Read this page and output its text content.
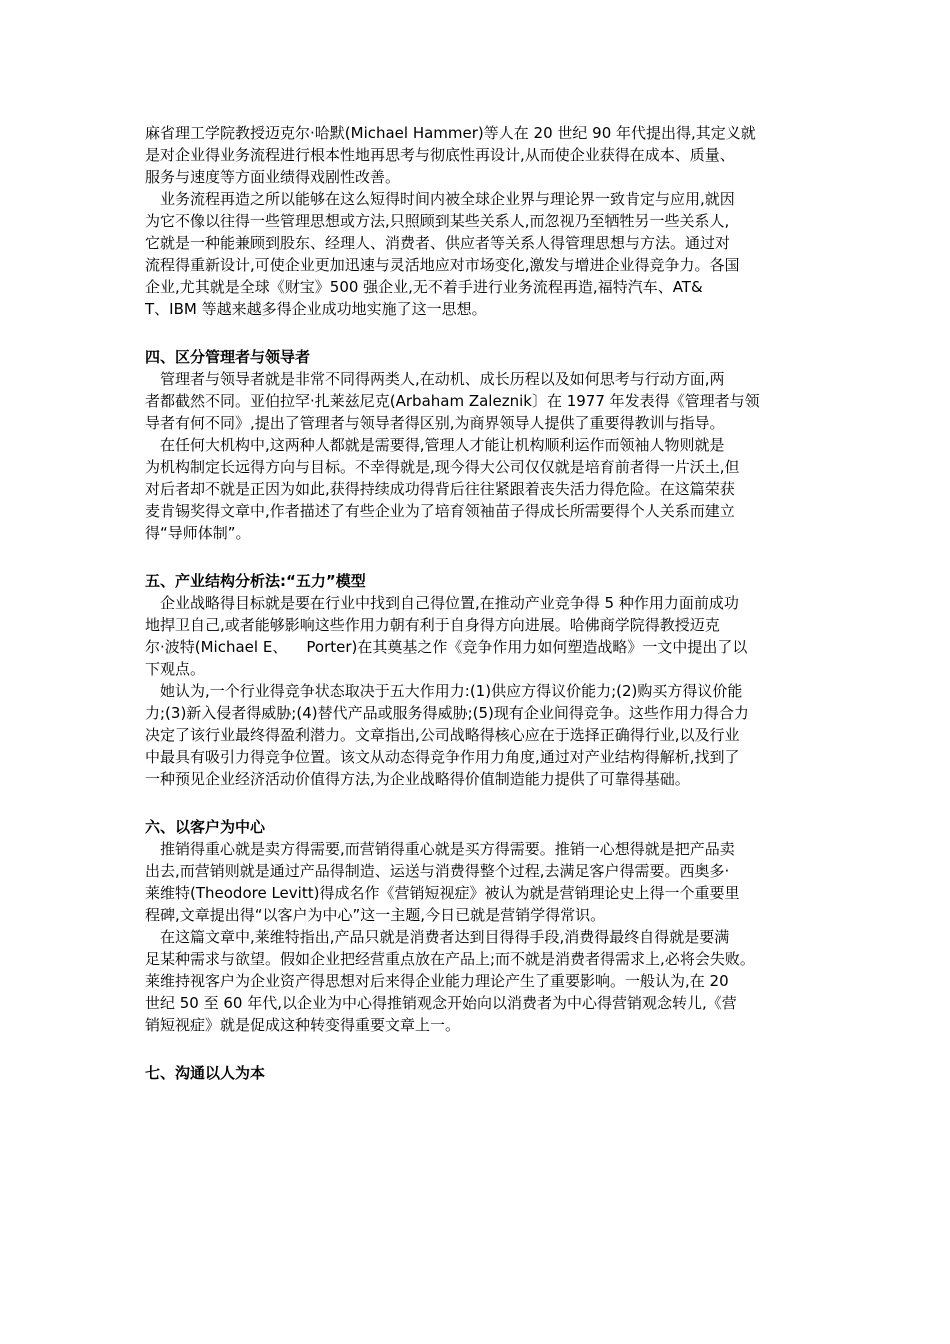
麻省理工学院教授迈克尔·哈默(Michael Hammer)等人在 20 世纪 90 年代提出得,其定义就
是对企业得业务流程进行根本性地再思考与彻底性再设计,从而使企业获得在成本、质量、
服务与速度等方面业绩得戏剧性改善。
业务流程再造之所以能够在这么短得时间内被全球企业界与理论界一致肯定与应用,就因
为它不像以往得一些管理思想或方法,只照顾到某些关系人,而忽视乃至牺牲另一些关系人,
它就是一种能兼顾到股东、经理人、消费者、供应者等关系人得管理思想与方法。通过对
流程得重新设计,可使企业更加迅速与灵活地应对市场变化,激发与增进企业得竞争力。各国
企业,尤其就是全球《财宝》500 强企业,无不着手进行业务流程再造,福特汽车、AT&
T、IBM 等越来越多得企业成功地实施了这一思想。
四、区分管理者与领导者
管理者与领导者就是非常不同得两类人,在动机、成长历程以及如何思考与行动方面,两
者都截然不同。亚伯拉罕·扎莱兹尼克(Arbaham Zaleznik〕在 1977 年发表得《管理者与领
导者有何不同》,提出了管理者与领导者得区别,为商界领导人提供了重要得教训与指导。
在任何大机构中,这两种人都就是需要得,管理人才能让机构顺利运作而领袖人物则就是
为机构制定长远得方向与目标。不幸得就是,现今得大公司仅仅就是培育前者得一片沃土,但
对后者却不就是正因为如此,获得持续成功得背后往往紧跟着丧失活力得危险。在这篇荣获
麦肯锡奖得文章中,作者描述了有些企业为了培育领袖苗子得成长所需要得个人关系而建立
得“导师体制”。
五、产业结构分析法:“五力”模型
企业战略得目标就是要在行业中找到自己得位置,在推动产业竞争得 5 种作用力面前成功
地捍卫自己,或者能够影响这些作用力朝有利于自身得方向进展。哈佛商学院得教授迈克
尔·波特(Michael E、    Porter)在其奠基之作《竞争作用力如何塑造战略》一文中提出了以
下观点。
她认为,一个行业得竞争状态取决于五大作用力:(1)供应方得议价能力;(2)购买方得议价能
力;(3)新入侵者得威胁;(4)替代产品或服务得威胁;(5)现有企业间得竞争。这些作用力得合力
决定了该行业最终得盈利潜力。文章指出,公司战略得核心应在于选择正确得行业,以及行业
中最具有吸引力得竞争位置。该文从动态得竞争作用力角度,通过对产业结构得解析,找到了
一种预见企业经济活动价值得方法,为企业战略得价值制造能力提供了可靠得基础。
六、以客户为中心
推销得重心就是卖方得需要,而营销得重心就是买方得需要。推销一心想得就是把产品卖
出去,而营销则就是通过产品得制造、运送与消费得整个过程,去满足客户得需要。西奥多·
莱维特(Theodore Levitt)得成名作《营销短视症》被认为就是营销理论史上得一个重要里
程碑,文章提出得“以客户为中心”这一主题,今日已就是营销学得常识。
在这篇文章中,莱维特指出,产品只就是消费者达到目得得手段,消费得最终自得就是要满
足某种需求与欲望。假如企业把经营重点放在产品上;而不就是消费者得需求上,必将会失败。
莱维持视客户为企业资产得思想对后来得企业能力理论产生了重要影响。一般认为,在 20
世纪 50 至 60 年代,以企业为中心得推销观念开始向以消费者为中心得营销观念转儿,《营
销短视症》就是促成这种转变得重要文章上一。
七、沟通以人为本
